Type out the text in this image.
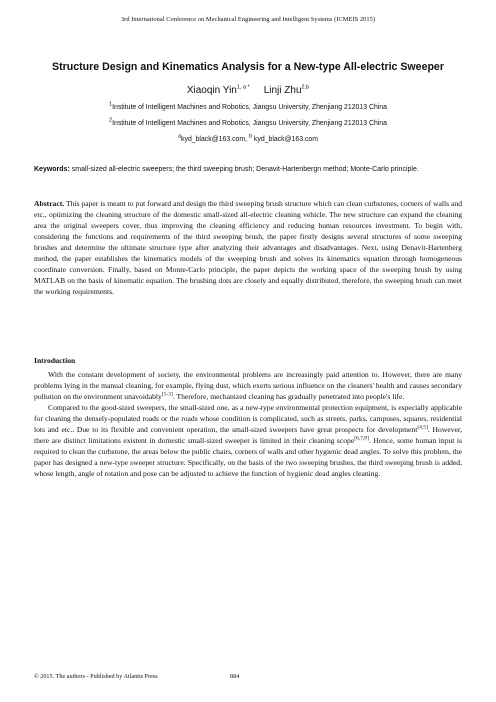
3rd International Conference on Mechanical Engineering and Intelligent Systems (ICMEIS 2015)
Structure Design and Kinematics Analysis for a New-type All-electric Sweeper
Xiaoqin Yin$^{1, a *}$ Linji Zhu$^{2,b}$
$^1$Institute of Intelligent Machines and Robotics, Jiangsu University, Zhenjiang 212013 China
$^2$Institute of Intelligent Machines and Robotics, Jiangsu University, Zhenjiang 212013 China
$^a$kyd_black@163.com, $^b$ kyd_black@163.com
Keywords: small-sized all-electric sweepers; the third sweeping brush; Denavit-Hartenbergn method; Monte-Carlo principle.
Abstract. This paper is meant to put forward and design the third sweeping brush structure which can clean curbstones, corners of walls and etc., optimizing the cleaning structure of the domestic small-sized all-electric cleaning vehicle. The new structure can expand the cleaning area the original sweepers cover, thus improving the cleaning efficiency and reducing human resources investment. To begin with, considering the functions and requirements of the third sweeping brush, the paper firstly designs several structures of some sweeping brushes and determine the ultimate structure type after analyzing their advantages and disadvantages. Next, using Denavit-Hartenberg method, the paper establishes the kinematics models of the sweeping brush and solves its kinematics equation through homogeneous coordinate conversion. Finally, based on Monte-Carlo principle, the paper depicts the working space of the sweeping brush by using MATLAB on the basis of kinematic equation. The brushing dots are closely and equally distributed, therefore, the sweeping brush can meet the working requirements.
Introduction

With the constant development of society, the environmental problems are increasingly paid attention to. However, there are many problems lying in the manual cleaning, for example, flying dust, which exerts serious influence on the cleaners' health and causes secondary pollution on the environment unavoidably[1-3]. Therefore, mechanized cleaning has gradually penetrated into people's life.

Compared to the good-sized sweepers, the small-sized one, as a new-type environmental protection equipment, is especially applicable for cleaning the densely-populated roads or the roads whose condition is complicated, such as streets, parks, campuses, squares, residential lots and etc.. Due to its flexible and convenient operation, the small-sized sweepers have great prospects for development[4,5]. However, there are distinct limitations existent in domestic small-sized sweeper is limited in their cleaning scope[6,7,8]. Hence, some human input is required to clean the curbstone, the areas below the public chairs, corners of walls and other hygienic dead angles. To solve this problem, the paper has designed a new-type sweeper structure. Specifically, on the basis of the two sweeping brushes, the third sweeping brush is added, whose length, angle of rotation and pose can be adjusted to achieve the function of hygienic dead angles cleaning.

© 2015. The authors - Published by Atlantis Press	884
